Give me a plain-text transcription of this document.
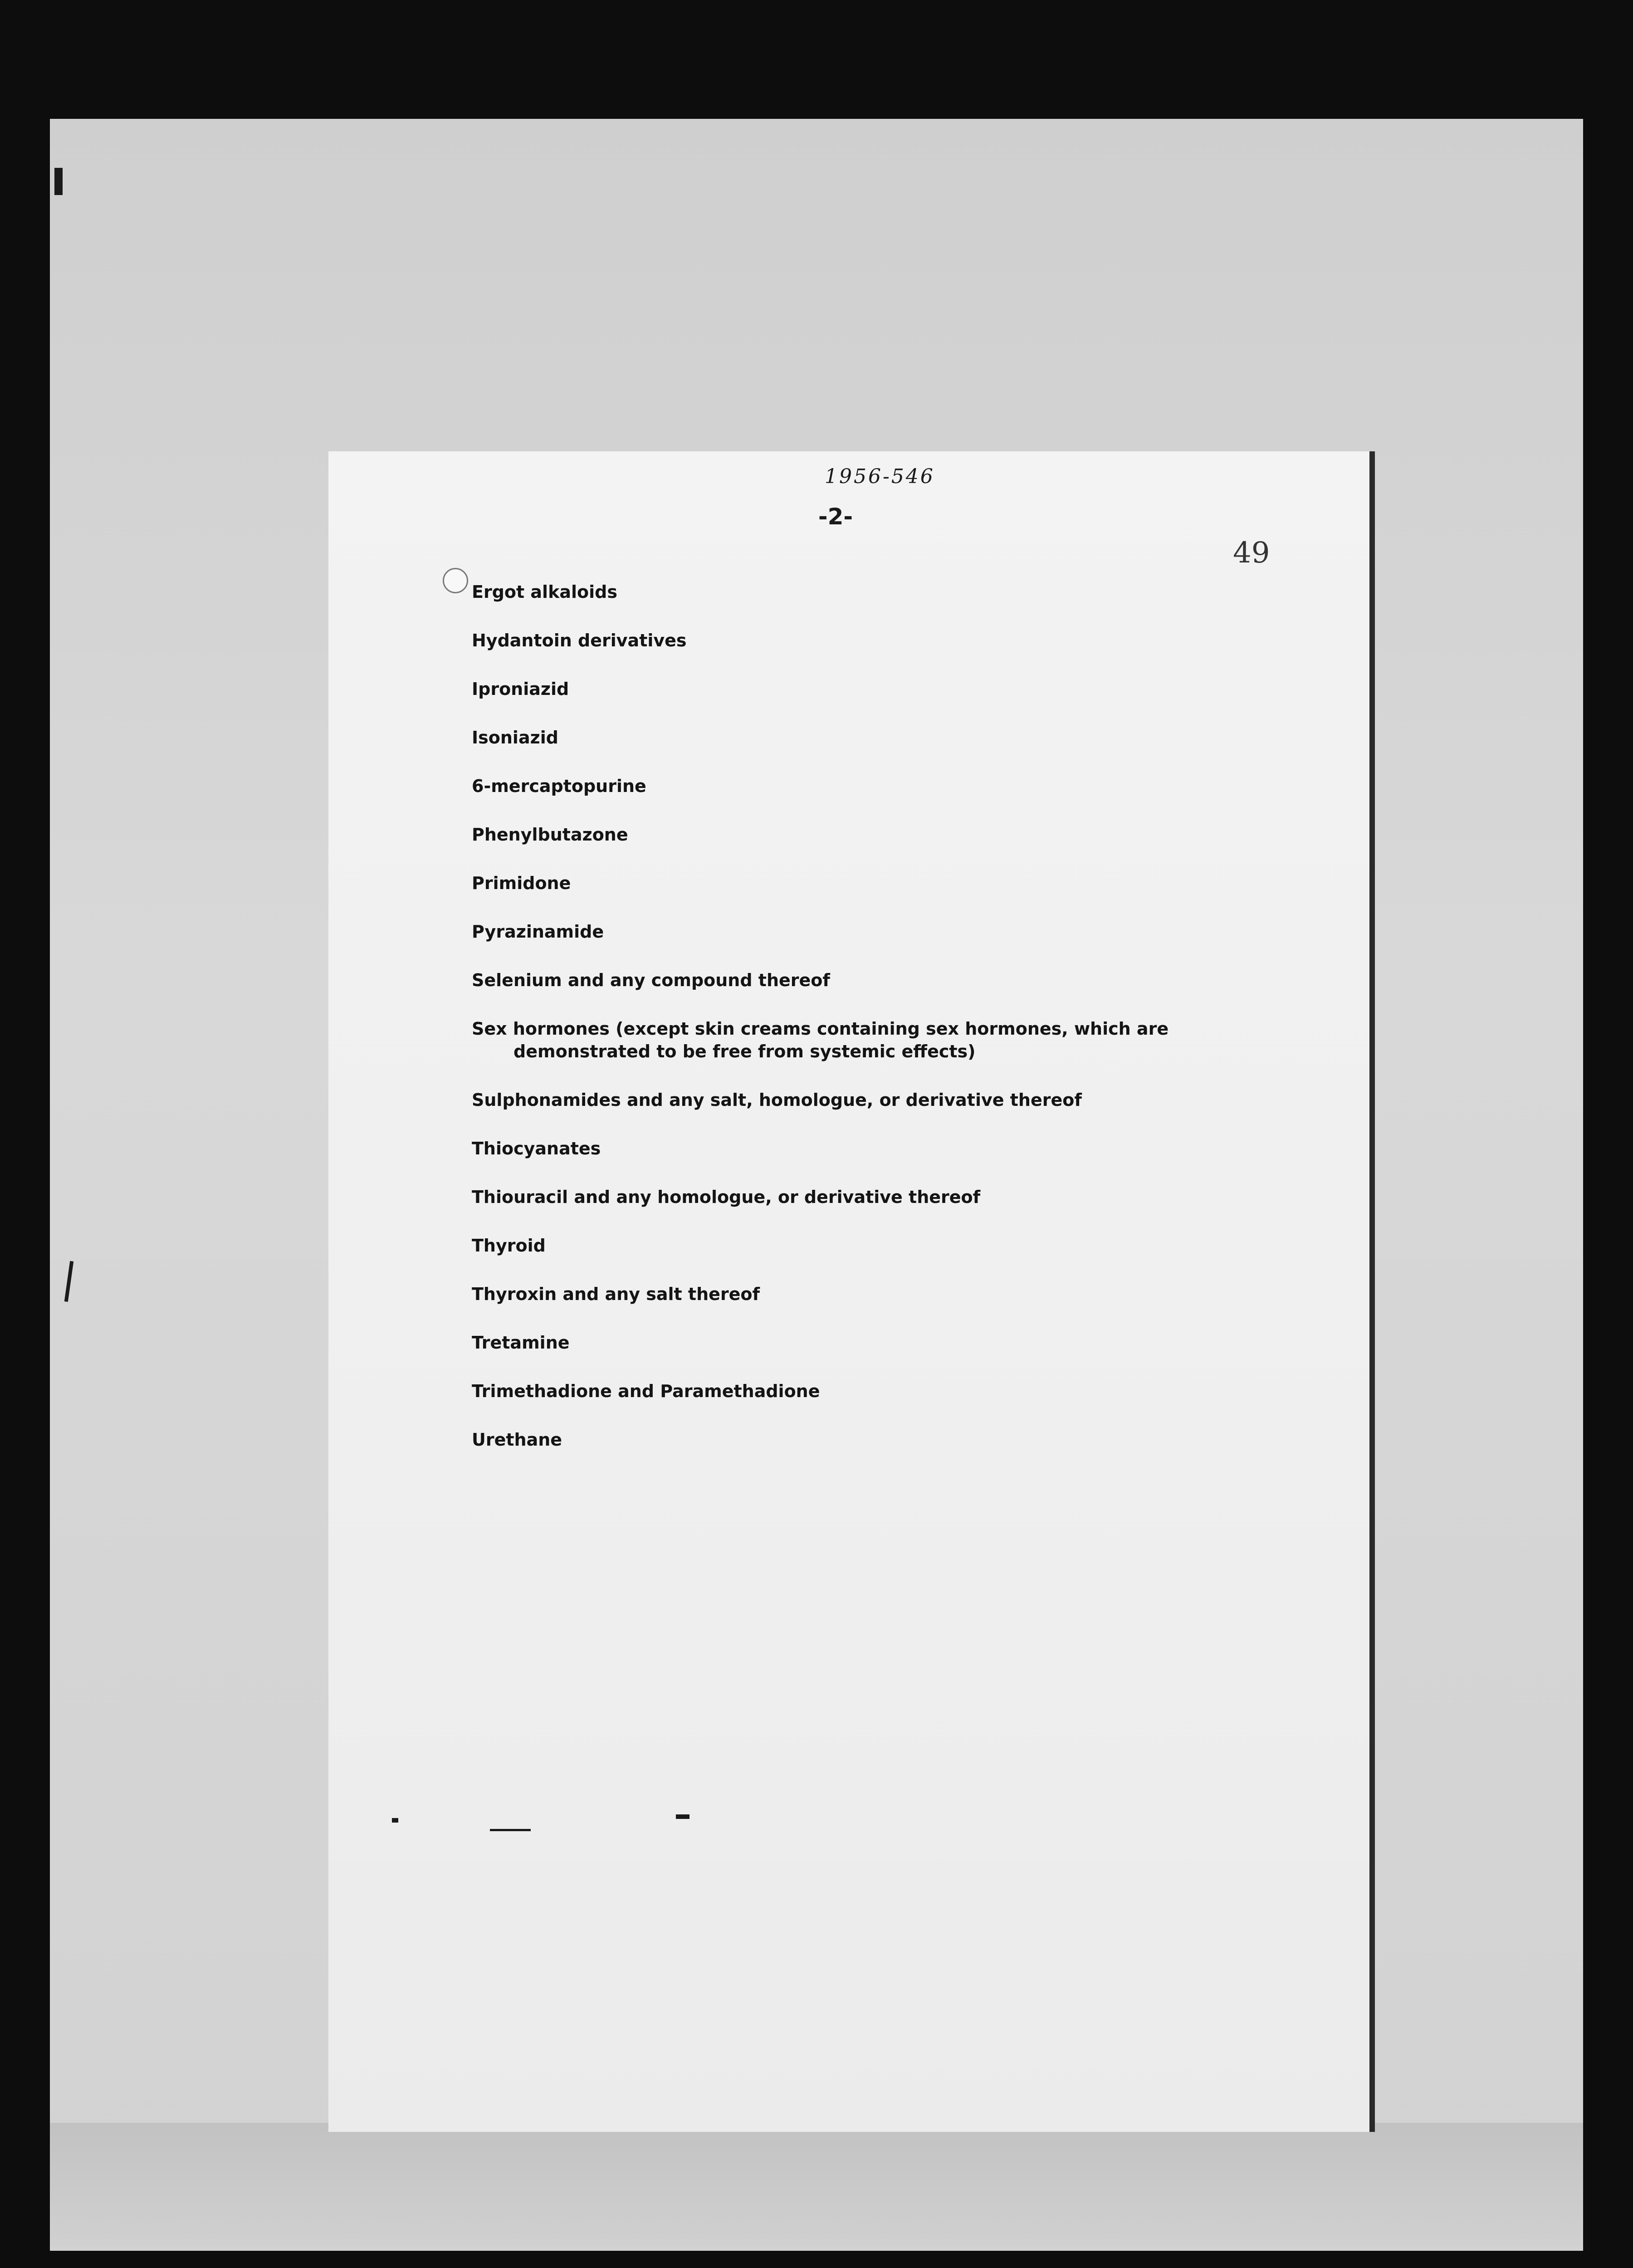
1956-546
-2-
49
Ergot alkaloids
Hydantoin derivatives
Iproniazid
Isoniazid
6-mercaptopurine
Phenylbutazone
Primidone
Pyrazinamide
Selenium and any compound thereof
Sex hormones (except skin creams containing sex hormones, which are demonstrated to be free from systemic effects)
Sulphonamides and any salt, homologue, or derivative thereof
Thiocyanates
Thiouracil and any homologue, or derivative thereof
Thyroid
Thyroxin and any salt thereof
Tretamine
Trimethadione and Paramethadione
Urethane
